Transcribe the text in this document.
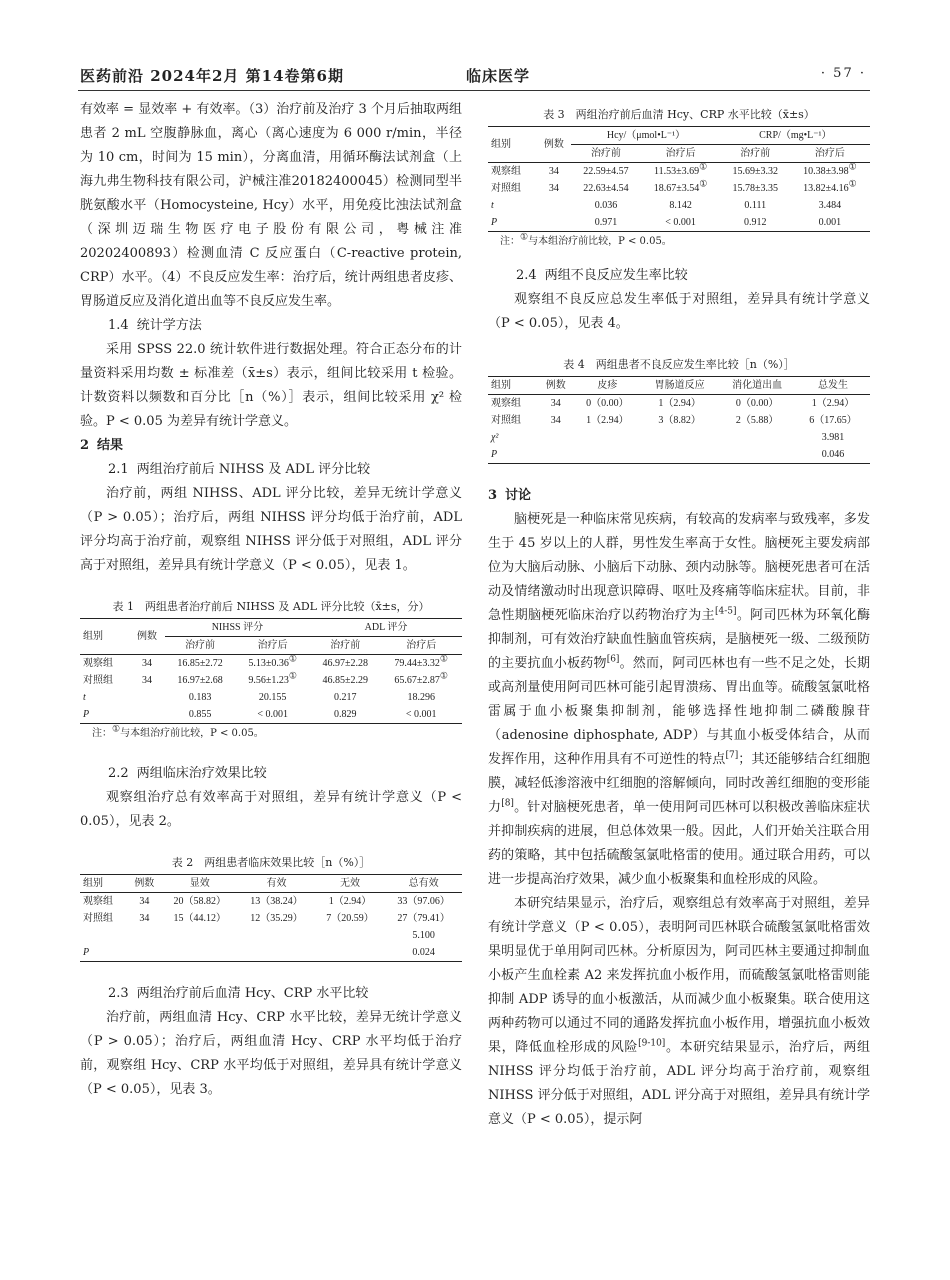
医药前沿 2024年2月 第14卷第6期	临床医学	· 57 ·

有效率 = 显效率 + 有效率。（3）治疗前及治疗 3 个月后抽取两组患者 2 mL 空腹静脉血，离心（离心速度为 6 000 r/min，半径为 10 cm，时间为 15 min），分离血清，用循环酶法试剂盒（上海九弗生物科技有限公司，沪械注准20182400045）检测同型半胱氨酸水平（Homocysteine, Hcy）水平，用免疫比浊法试剂盒（深圳迈瑞生物医疗电子股份有限公司，粤械注准 20202400893）检测血清 C 反应蛋白（C-reactive protein, CRP）水平。（4）不良反应发生率：治疗后，统计两组患者皮疹、胃肠道反应及消化道出血等不良反应发生率。

1.4 统计学方法

采用 SPSS 22.0 统计软件进行数据处理。符合正态分布的计量资料采用均数 ± 标准差（x̄±s）表示，组间比较采用 t 检验。计数资料以频数和百分比［n（%）］表示，组间比较采用 χ² 检验。P < 0.05 为差异有统计学意义。

2 结果
2.1 两组治疗前后 NIHSS 及 ADL 评分比较

治疗前，两组 NIHSS、ADL 评分比较，差异无统计学意义（P > 0.05）；治疗后，两组 NIHSS 评分均低于治疗前，ADL 评分均高于治疗前，观察组 NIHSS 评分低于对照组，ADL 评分高于对照组，差异具有统计学意义（P < 0.05），见表 1。

表 1　两组患者治疗前后 NIHSS 及 ADL 评分比较（x̄±s，分）
组别	例数	NIHSS 评分		ADL 评分	
		治疗前	治疗后	治疗前	治疗后
观察组	34	16.85±2.72	5.13±0.36①	46.97±2.28	79.44±3.32①
对照组	34	16.97±2.68	9.56±1.23①	46.85±2.29	65.67±2.87①
t		0.183	20.155	0.217	18.296
P		0.855	< 0.001	0.829	< 0.001
注：①与本组治疗前比较，P < 0.05。
2.2 两组临床治疗效果比较

观察组治疗总有效率高于对照组，差异有统计学意义（P < 0.05），见表 2。

表 2　两组患者临床效果比较［n（%）］
组别	例数	显效	有效	无效	总有效
观察组	34	20（58.82）	13（38.24）	1（2.94）	33（97.06）
对照组	34	15（44.12）	12（35.29）	7（20.59）	27（79.41）
					5.100
P					0.024
2.3 两组治疗前后血清 Hcy、CRP 水平比较

治疗前，两组血清 Hcy、CRP 水平比较，差异无统计学意义（P > 0.05）；治疗后，两组血清 Hcy、CRP 水平均低于治疗前，观察组 Hcy、CRP 水平均低于对照组，差异具有统计学意义（P < 0.05），见表 3。

表 3　两组治疗前后血清 Hcy、CRP 水平比较（x̄±s）
组别	例数	Hcy/（μmol•L⁻¹）		CRP/（mg•L⁻¹）	
		治疗前	治疗后	治疗前	治疗后
观察组	34	22.59±4.57	11.53±3.69①	15.69±3.32	10.38±3.98①
对照组	34	22.63±4.54	18.67±3.54①	15.78±3.35	13.82±4.16①
t		0.036	8.142	0.111	3.484
P		0.971	< 0.001	0.912	0.001
注：①与本组治疗前比较，P < 0.05。
2.4 两组不良反应发生率比较

观察组不良反应总发生率低于对照组，差异具有统计学意义（P < 0.05），见表 4。

表 4　两组患者不良反应发生率比较［n（%）］
组别	例数	皮疹	胃肠道反应	消化道出血	总发生
观察组	34	0（0.00）	1（2.94）	0（0.00）	1（2.94）
对照组	34	1（2.94）	3（8.82）	2（5.88）	6（17.65）
χ²					3.981
P					0.046
3 讨论

脑梗死是一种临床常见疾病，有较高的发病率与致残率，多发生于 45 岁以上的人群，男性发生率高于女性。脑梗死主要发病部位为大脑后动脉、小脑后下动脉、颈内动脉等。脑梗死患者可在活动及情绪激动时出现意识障碍、呕吐及疼痛等临床症状。目前，非急性期脑梗死临床治疗以药物治疗为主[4-5]。阿司匹林为环氧化酶抑制剂，可有效治疗缺血性脑血管疾病，是脑梗死一级、二级预防的主要抗血小板药物[6]。然而，阿司匹林也有一些不足之处，长期或高剂量使用阿司匹林可能引起胃溃疡、胃出血等。硫酸氢氯吡格雷属于血小板聚集抑制剂，能够选择性地抑制二磷酸腺苷（adenosine diphosphate, ADP）与其血小板受体结合，从而发挥作用，这种作用具有不可逆性的特点[7]；其还能够结合红细胞膜，减轻低渗溶液中红细胞的溶解倾向，同时改善红细胞的变形能力[8]。针对脑梗死患者，单一使用阿司匹林可以积极改善临床症状并抑制疾病的进展，但总体效果一般。因此，人们开始关注联合用药的策略，其中包括硫酸氢氯吡格雷的使用。通过联合用药，可以进一步提高治疗效果，减少血小板聚集和血栓形成的风险。

本研究结果显示，治疗后，观察组总有效率高于对照组，差异有统计学意义（P < 0.05），表明阿司匹林联合硫酸氢氯吡格雷效果明显优于单用阿司匹林。分析原因为，阿司匹林主要通过抑制血小板产生血栓素 A2 来发挥抗血小板作用，而硫酸氢氯吡格雷则能抑制 ADP 诱导的血小板激活，从而减少血小板聚集。联合使用这两种药物可以通过不同的通路发挥抗血小板作用，增强抗血小板效果，降低血栓形成的风险[9-10]。本研究结果显示，治疗后，两组 NIHSS 评分均低于治疗前，ADL 评分均高于治疗前，观察组 NIHSS 评分低于对照组，ADL 评分高于对照组，差异具有统计学意义（P < 0.05），提示阿
